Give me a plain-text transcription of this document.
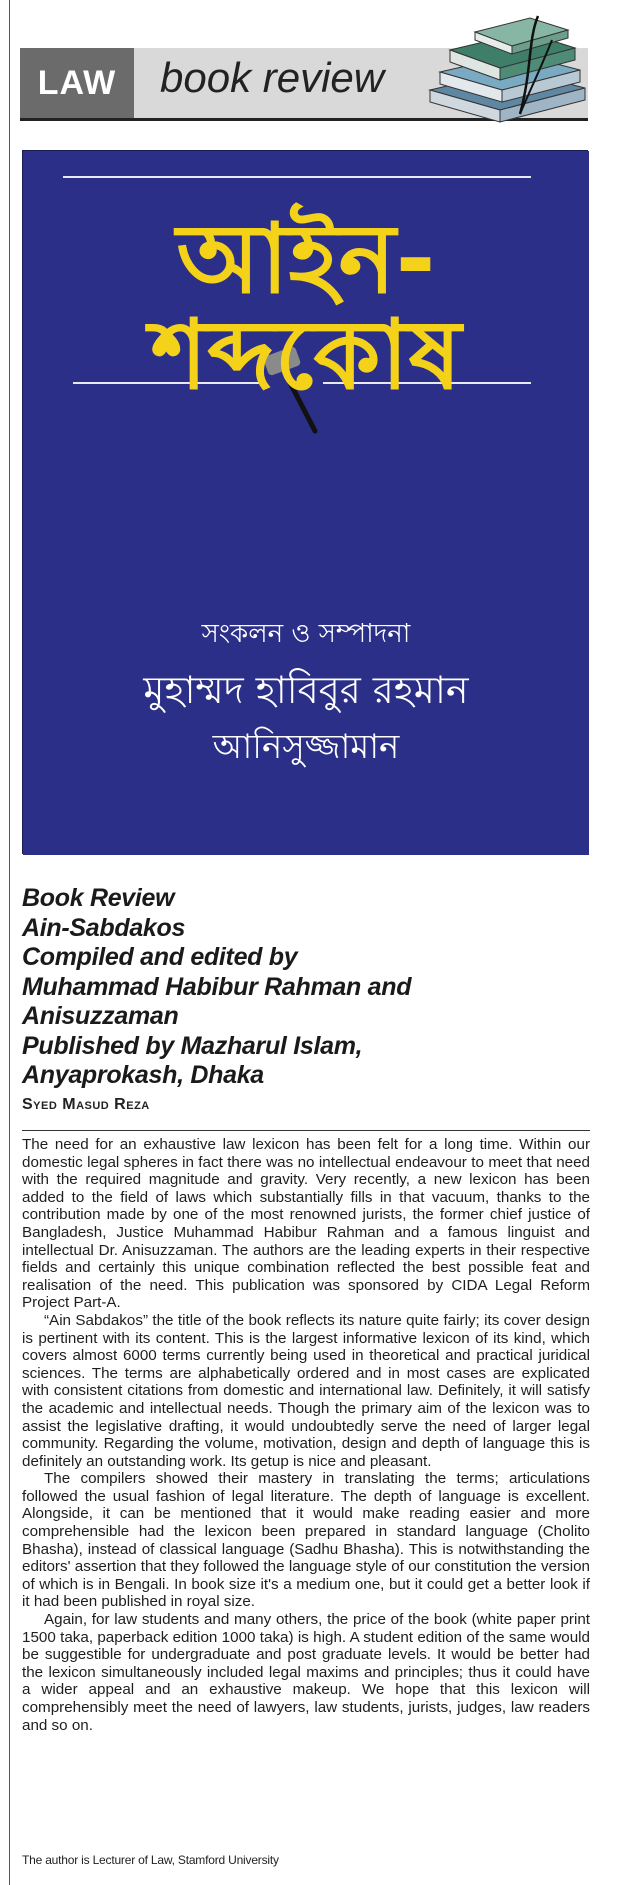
LAW	book review
আইন-শব্দকোষ
সংকলন ও সম্পাদনা
মুহাম্মদ হাবিবুর রহমান
আনিসুজ্জামান
Book Review
Ain-Sabdakos
Compiled and edited by
Muhammad Habibur Rahman and
Anisuzzaman
Published by Mazharul Islam,
Anyaprokash, Dhaka
Syed Masud Reza

The need for an exhaustive law lexicon has been felt for a long time. Within our domestic legal spheres in fact there was no intellectual endeavour to meet that need with the required magnitude and gravity. Very recently, a new lexicon has been added to the field of laws which substantially fills in that vacuum, thanks to the contribution made by one of the most renowned jurists, the former chief justice of Bangladesh, Justice Muhammad Habibur Rahman and a famous linguist and intellectual Dr. Anisuzzaman. The authors are the leading experts in their respective fields and certainly this unique combination reflected the best possible feat and realisation of the need. This publication was sponsored by CIDA Legal Reform Project Part-A.

“Ain Sabdakos” the title of the book reflects its nature quite fairly; its cover design is pertinent with its content. This is the largest informative lexicon of its kind, which covers almost 6000 terms currently being used in theoretical and practical juridical sciences. The terms are alphabetically ordered and in most cases are explicated with consistent citations from domestic and international law. Definitely, it will satisfy the academic and intellectual needs. Though the primary aim of the lexicon was to assist the legislative drafting, it would undoubtedly serve the need of larger legal community. Regarding the volume, motivation, design and depth of language this is definitely an outstanding work. Its getup is nice and pleasant.

The compilers showed their mastery in translating the terms; articulations followed the usual fashion of legal literature. The depth of language is excellent. Alongside, it can be mentioned that it would make reading easier and more comprehensible had the lexicon been prepared in standard language (Cholito Bhasha), instead of classical language (Sadhu Bhasha). This is notwithstanding the editors' assertion that they followed the language style of our constitution the version of which is in Bengali. In book size it's a medium one, but it could get a better look if it had been published in royal size.

Again, for law students and many others, the price of the book (white paper print 1500 taka, paperback edition 1000 taka) is high. A student edition of the same would be suggestible for undergraduate and post graduate levels. It would be better had the lexicon simultaneously included legal maxims and principles; thus it could have a wider appeal and an exhaustive makeup. We hope that this lexicon will comprehensibly meet the need of lawyers, law students, jurists, judges, law readers and so on.

The author is Lecturer of Law, Stamford University
